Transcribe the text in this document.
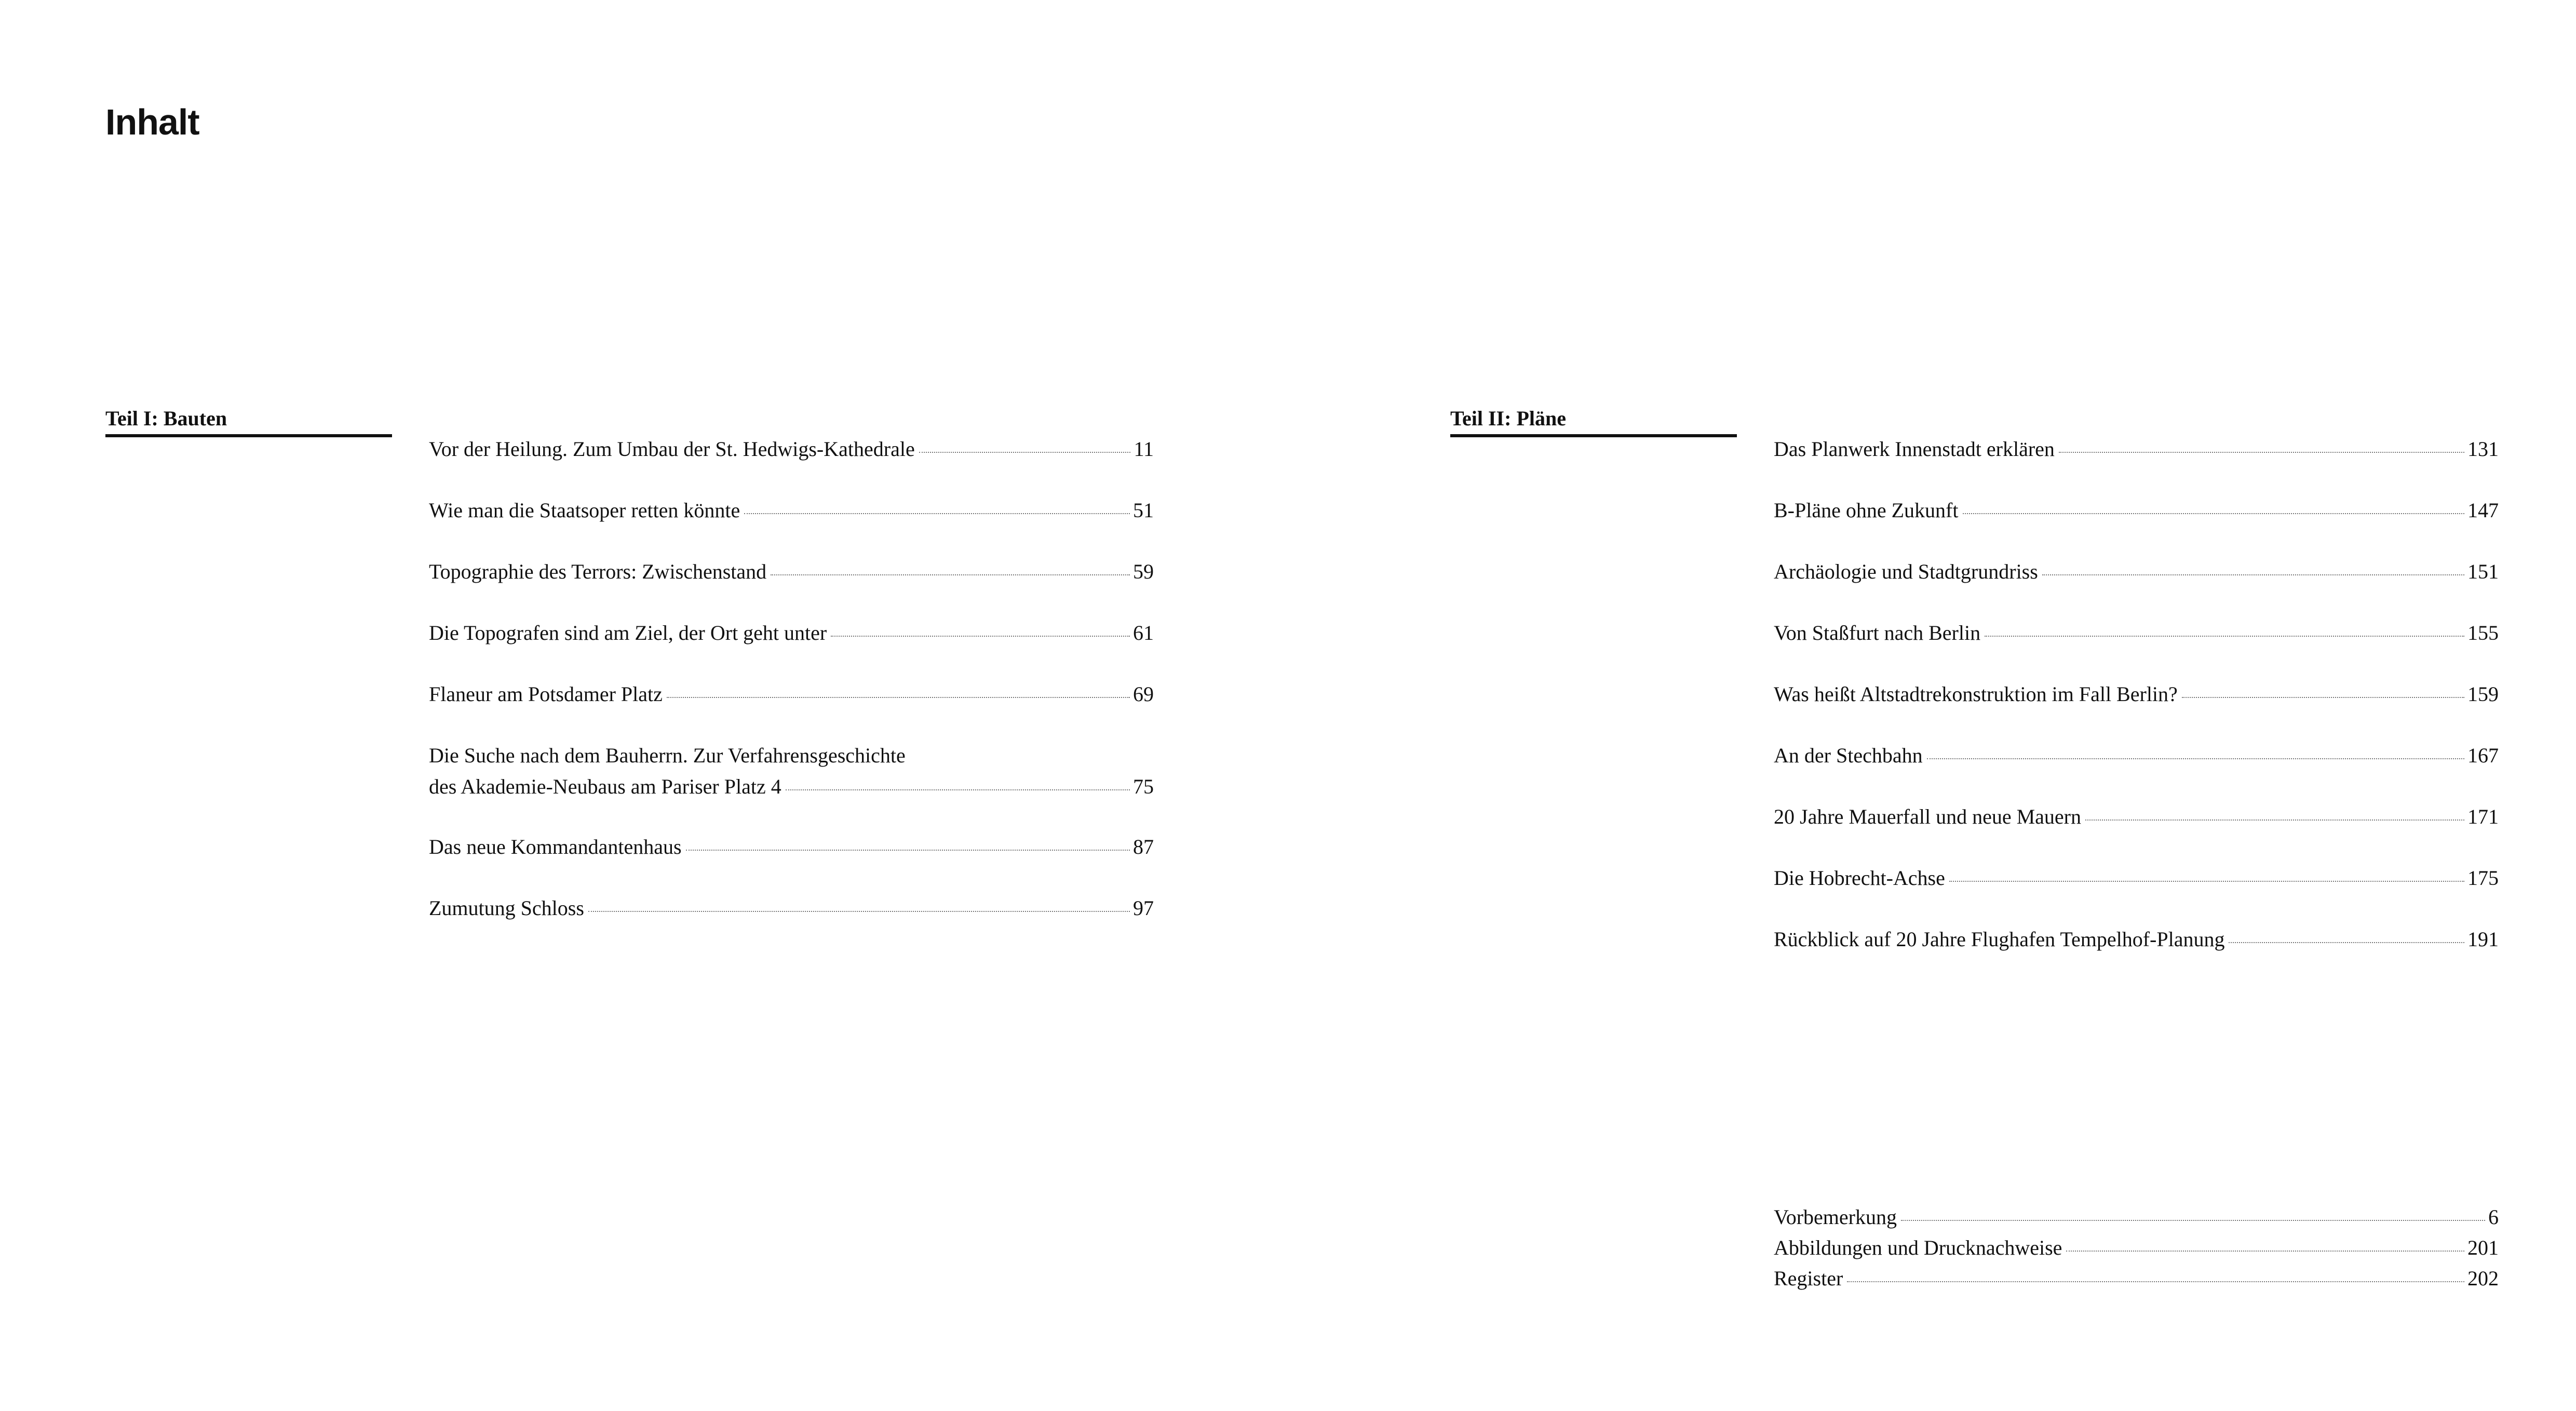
Inhalt
Teil I: Bauten	Teil II: Pläne
Vor der Heilung. Zum Umbau der St. Hedwigs-Kathedrale	11
Wie man die Staatsoper retten könnte	51
Topographie des Terrors: Zwischenstand	59
Die Topografen sind am Ziel, der Ort geht unter	61
Flaneur am Potsdamer Platz	69
Die Suche nach dem Bauherrn. Zur Verfahrensgeschichte
des Akademie-Neubaus am Pariser Platz 4	75
Das neue Kommandantenhaus	87
Zumutung Schloss	97
Das Planwerk Innenstadt erklären	131
B-Pläne ohne Zukunft	147
Archäologie und Stadtgrundriss	151
Von Staßfurt nach Berlin	155
Was heißt Altstadtrekonstruktion im Fall Berlin?	159
An der Stechbahn	167
20 Jahre Mauerfall und neue Mauern	171
Die Hobrecht-Achse	175
Rückblick auf 20 Jahre Flughafen Tempelhof-Planung	191
Vorbemerkung	6
Abbildungen und Drucknachweise	201
Register	202
